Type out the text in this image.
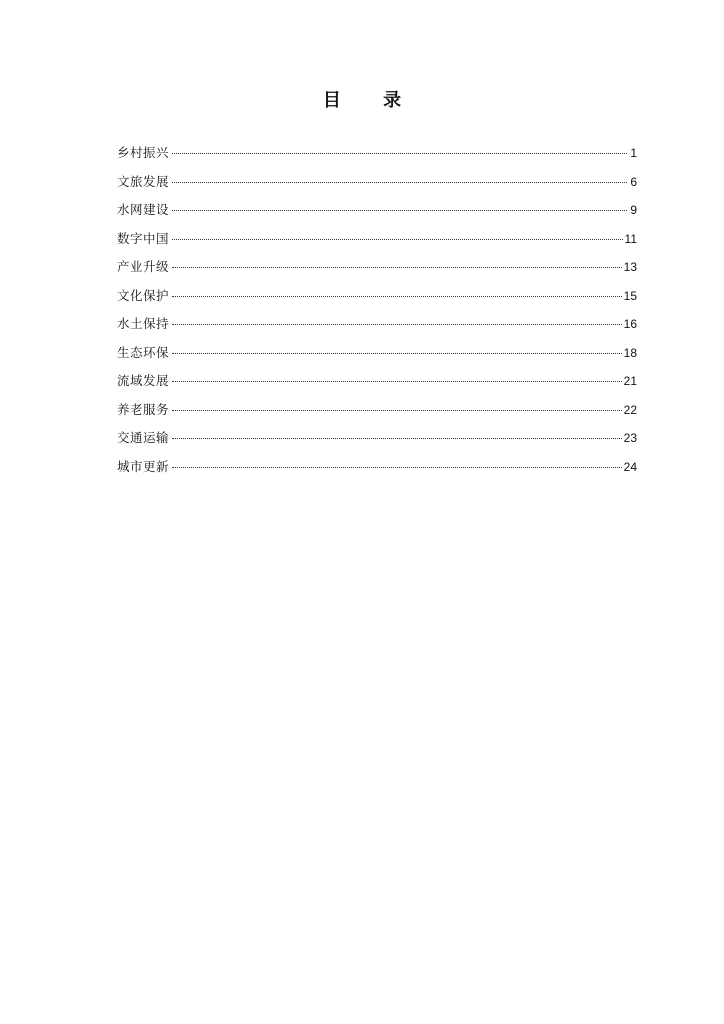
目 录
乡村振兴	1
文旅发展	6
水网建设	9
数字中国	11
产业升级	13
文化保护	15
水土保持	16
生态环保	18
流域发展	21
养老服务	22
交通运输	23
城市更新	24
